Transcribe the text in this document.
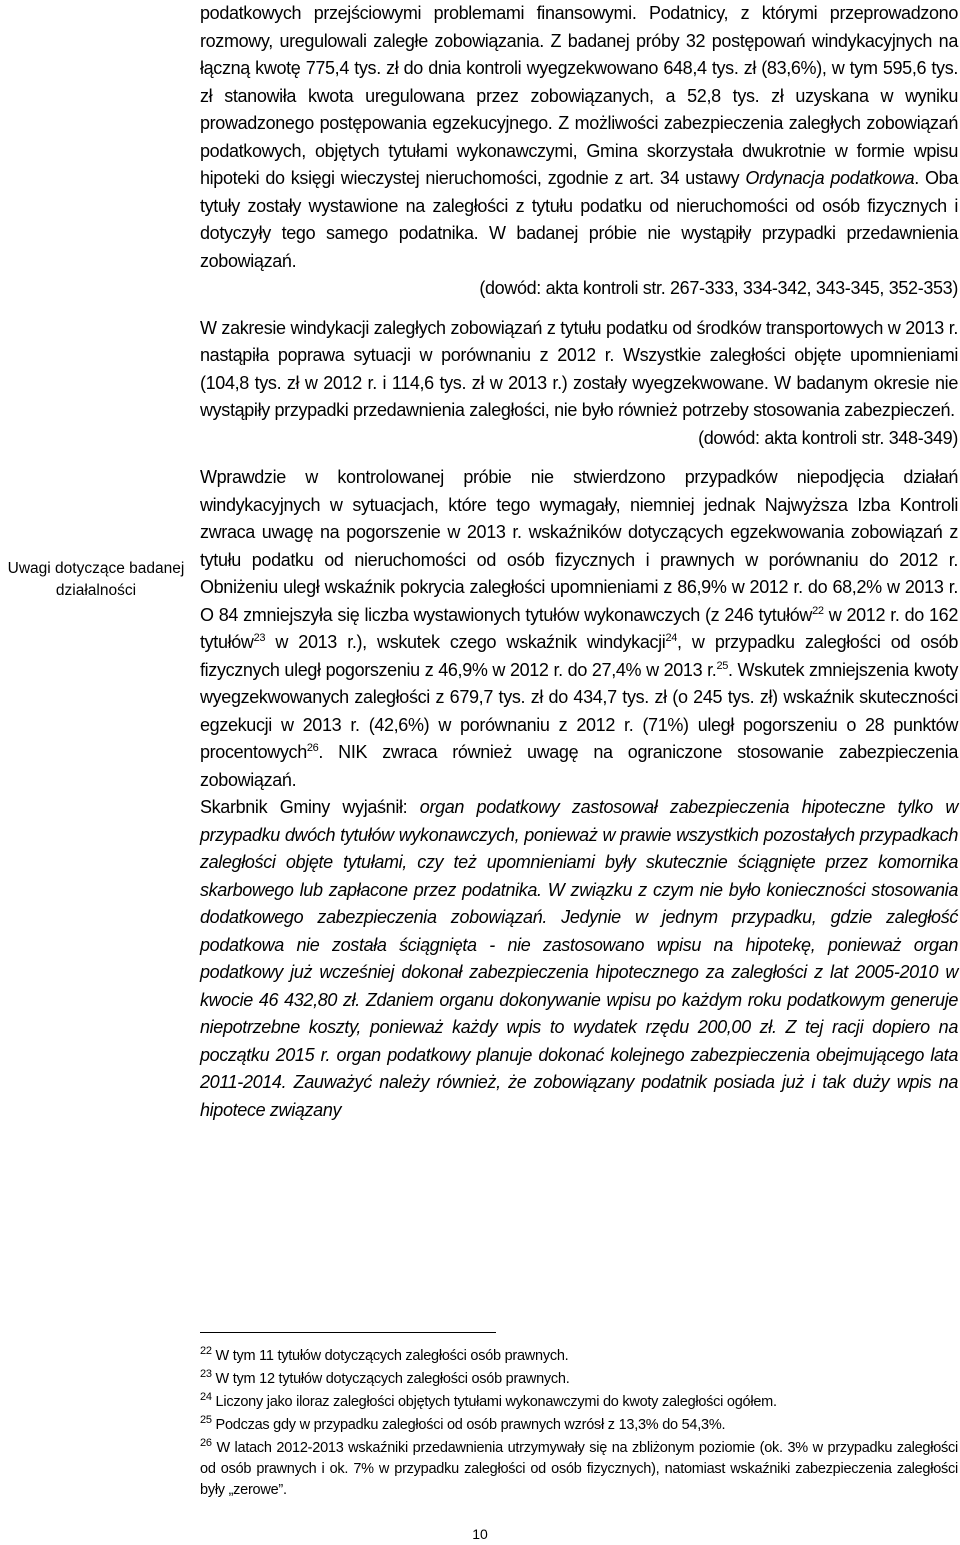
Uwagi dotyczące badanej działalności

podatkowych przejściowymi problemami finansowymi. Podatnicy, z którymi przeprowadzono rozmowy, uregulowali zaległe zobowiązania. Z badanej próby 32 postępowań windykacyjnych na łączną kwotę 775,4 tys. zł do dnia kontroli wyegzekwowano 648,4 tys. zł (83,6%), w tym 595,6 tys. zł stanowiła kwota uregulowana przez zobowiązanych, a 52,8 tys. zł uzyskana w wyniku prowadzonego postępowania egzekucyjnego. Z możliwości zabezpieczenia zaległych zobowiązań podatkowych, objętych tytułami wykonawczymi, Gmina skorzystała dwukrotnie w formie wpisu hipoteki do księgi wieczystej nieruchomości, zgodnie z art. 34 ustawy Ordynacja podatkowa. Oba tytuły zostały wystawione na zaległości z tytułu podatku od nieruchomości od osób fizycznych i dotyczyły tego samego podatnika. W badanej próbie nie wystąpiły przypadki przedawnienia zobowiązań.

(dowód: akta kontroli str. 267-333, 334-342, 343-345, 352-353)

W zakresie windykacji zaległych zobowiązań z tytułu podatku od środków transportowych w 2013 r. nastąpiła poprawa sytuacji w porównaniu z 2012 r. Wszystkie zaległości objęte upomnieniami (104,8 tys. zł w 2012 r. i 114,6 tys. zł w 2013 r.) zostały wyegzekwowane. W badanym okresie nie wystąpiły przypadki przedawnienia zaległości, nie było również potrzeby stosowania zabezpieczeń.

(dowód: akta kontroli str. 348-349)

Wprawdzie w kontrolowanej próbie nie stwierdzono przypadków niepodjęcia działań windykacyjnych w sytuacjach, które tego wymagały, niemniej jednak Najwyższa Izba Kontroli zwraca uwagę na pogorszenie w 2013 r. wskaźników dotyczących egzekwowania zobowiązań z tytułu podatku od nieruchomości od osób fizycznych i prawnych w porównaniu do 2012 r. Obniżeniu uległ wskaźnik pokrycia zaległości upomnieniami z 86,9% w 2012 r. do 68,2% w 2013 r. O 84 zmniejszyła się liczba wystawionych tytułów wykonawczych (z 246 tytułów$^{22}$ w 2012 r. do 162 tytułów$^{23}$ w 2013 r.), wskutek czego wskaźnik windykacji$^{24}$, w przypadku zaległości od osób fizycznych uległ pogorszeniu z 46,9% w 2012 r. do 27,4% w 2013 r.$^{25}$. Wskutek zmniejszenia kwoty wyegzekwowanych zaległości z 679,7 tys. zł do 434,7 tys. zł (o 245 tys. zł) wskaźnik skuteczności egzekucji w 2013 r. (42,6%) w porównaniu z 2012 r. (71%) uległ pogorszeniu o 28 punktów procentowych$^{26}$. NIK zwraca również uwagę na ograniczone stosowanie zabezpieczenia zobowiązań.

Skarbnik Gminy wyjaśnił: organ podatkowy zastosował zabezpieczenia hipoteczne tylko w przypadku dwóch tytułów wykonawczych, ponieważ w prawie wszystkich pozostałych przypadkach zaległości objęte tytułami, czy też upomnieniami były skutecznie ściągnięte przez komornika skarbowego lub zapłacone przez podatnika. W związku z czym nie było konieczności stosowania dodatkowego zabezpieczenia zobowiązań. Jedynie w jednym przypadku, gdzie zaległość podatkowa nie została ściągnięta - nie zastosowano wpisu na hipotekę, ponieważ organ podatkowy już wcześniej dokonał zabezpieczenia hipotecznego za zaległości z lat 2005-2010 w kwocie 46 432,80 zł. Zdaniem organu dokonywanie wpisu po każdym roku podatkowym generuje niepotrzebne koszty, ponieważ każdy wpis to wydatek rzędu 200,00 zł. Z tej racji dopiero na początku 2015 r. organ podatkowy planuje dokonać kolejnego zabezpieczenia obejmującego lata 2011-2014. Zauważyć należy również, że zobowiązany podatnik posiada już i tak duży wpis na hipotece związany

$^{22}$ W tym 11 tytułów dotyczących zaległości osób prawnych.

$^{23}$ W tym 12 tytułów dotyczących zaległości osób prawnych.

$^{24}$ Liczony jako iloraz zaległości objętych tytułami wykonawczymi do kwoty zaległości ogółem.

$^{25}$ Podczas gdy w przypadku zaległości od osób prawnych wzrósł z 13,3% do 54,3%.

$^{26}$ W latach 2012-2013 wskaźniki przedawnienia utrzymywały się na zbliżonym poziomie (ok. 3% w przypadku zaległości od osób prawnych i ok. 7% w przypadku zaległości od osób fizycznych), natomiast wskaźniki zabezpieczenia zaległości były „zerowe”.

10
